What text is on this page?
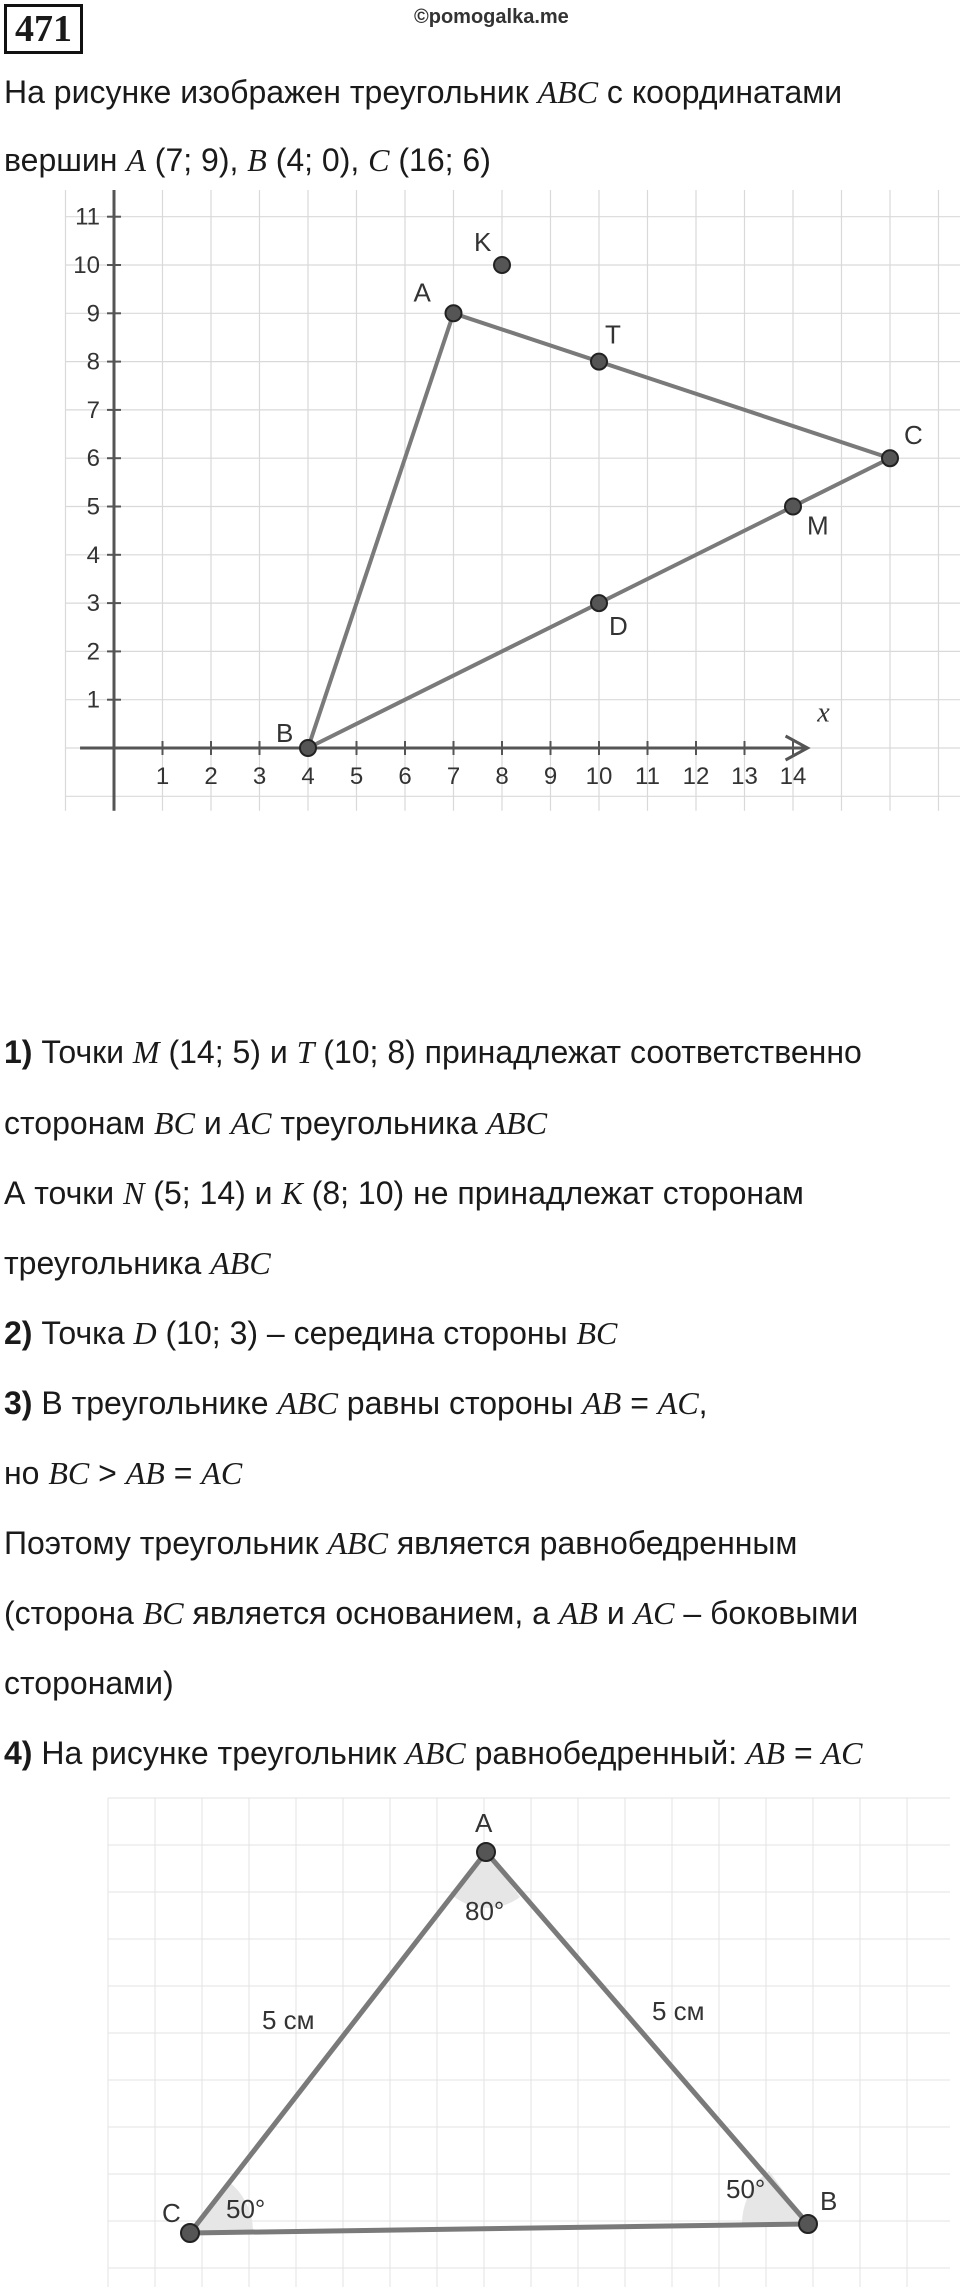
471	©pomogalka.me
На рисунке изображен треугольник ABC с координатами
вершин A (7; 9), B (4; 0), C (16; 6)
x
1 2 3 4 5 6 7 8 9 10 11 12 13 14
1
2
3
4
5
6
7
8
9
10
11
A
B
C
K
T
M
D
1) Точки M (14; 5) и T (10; 8) принадлежат соответственно
сторонам BC и AC треугольника ABC
А точки N (5; 14) и K (8; 10) не принадлежат сторонам
треугольника ABC
2) Точка D (10; 3) – середина стороны BC
3) В треугольнике ABC равны стороны AB = AC,
но BC > AB = AC
Поэтому треугольник ABC является равнобедренным
(сторона BC является основанием, а AB и AC – боковыми
сторонами)
4) На рисунке треугольник ABC равнобедренный: AB = AC
A
B
C
80°
50°
50°
5 см	5 см
